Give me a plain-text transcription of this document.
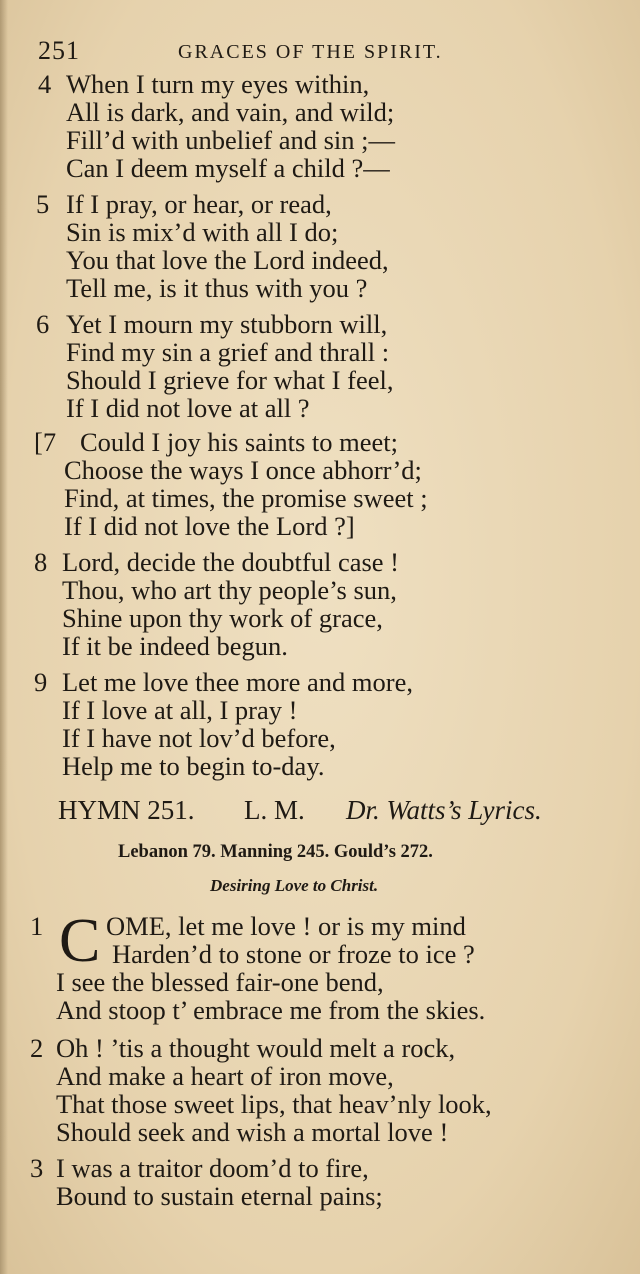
251	GRACES OF THE SPIRIT.
4 When I turn my eyes within,
All is dark, and vain, and wild;
Fill’d with unbelief and sin ;—
Can I deem myself a child ?—
5 If I pray, or hear, or read,
Sin is mix’d with all I do;
You that love the Lord indeed,
Tell me, is it thus with you ?
6 Yet I mourn my stubborn will,
Find my sin a grief and thrall :
Should I grieve for what I feel,
If I did not love at all ?
[7 Could I joy his saints to meet;
Choose the ways I once abhorr’d;
Find, at times, the promise sweet ;
If I did not love the Lord ?]
8 Lord, decide the doubtful case !
Thou, who art thy people’s sun,
Shine upon thy work of grace,
If it be indeed begun.
9 Let me love thee more and more,
If I love at all, I pray !
If I have not lov’d before,
Help me to begin to-day.
HYMN 251. L. M. Dr. Watts’s Lyrics.
Lebanon 79. Manning 245. Gould’s 272.
Desiring Love to Christ.
1 C OME, let me love ! or is my mind
Harden’d to stone or froze to ice ?
I see the blessed fair-one bend,
And stoop t’ embrace me from the skies.
2 Oh ! ’tis a thought would melt a rock,
And make a heart of iron move,
That those sweet lips, that heav’nly look,
Should seek and wish a mortal love !
3 I was a traitor doom’d to fire,
Bound to sustain eternal pains;
